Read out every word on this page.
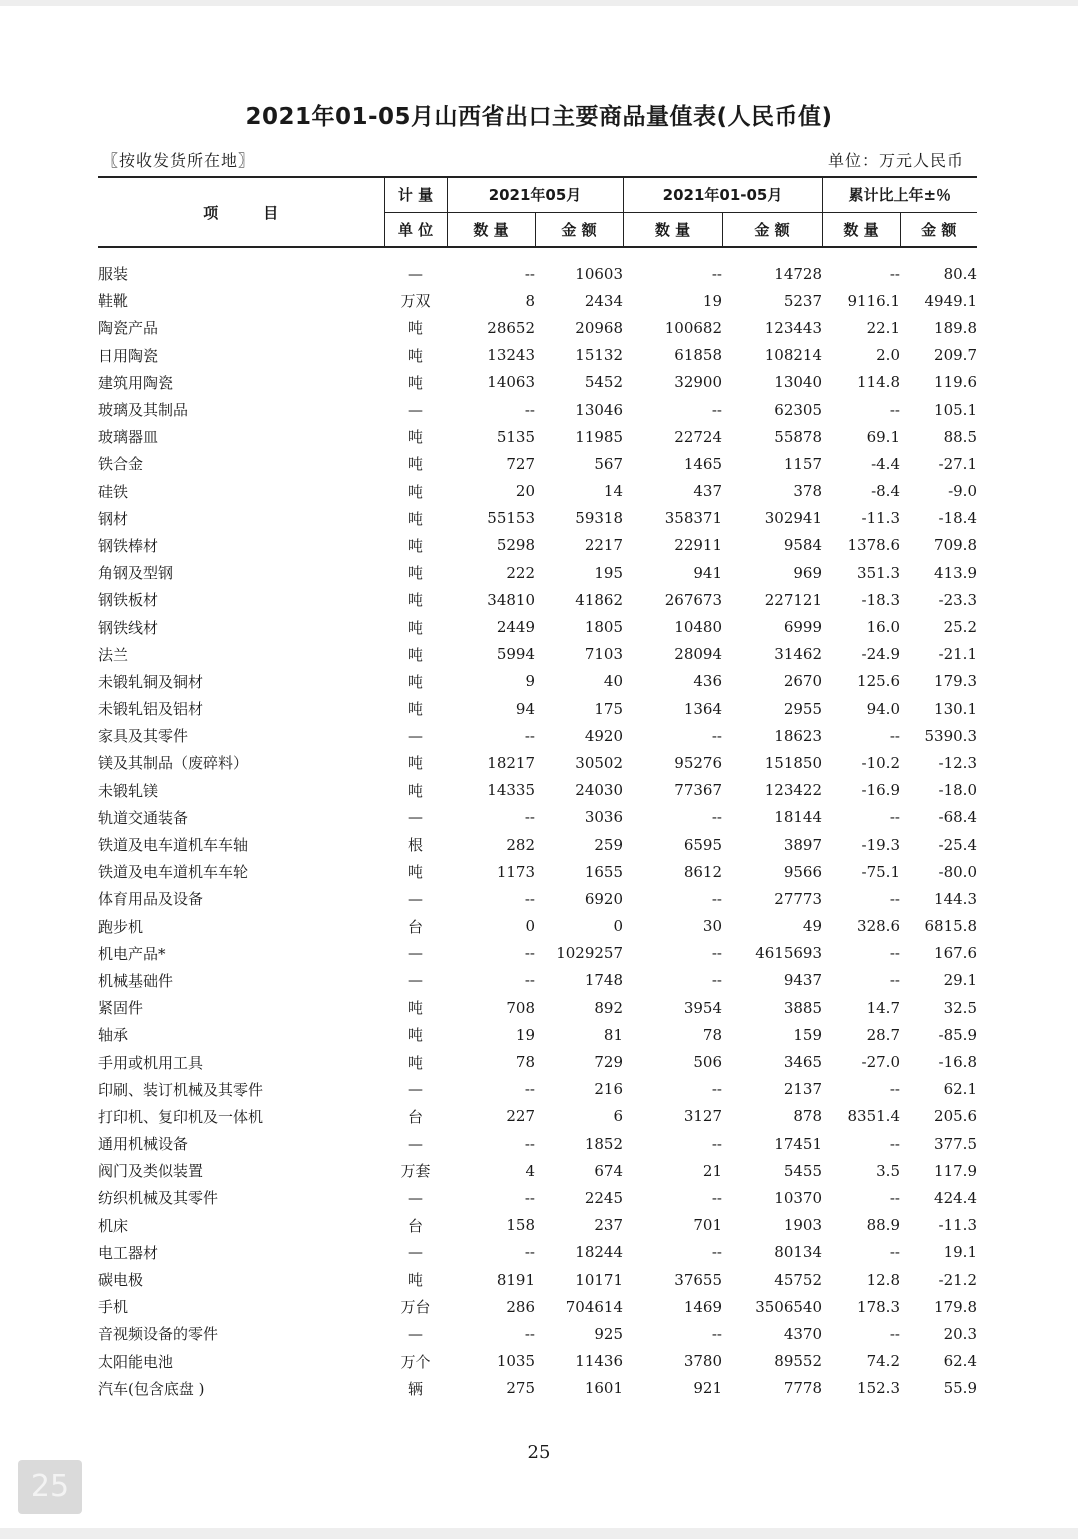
2021年01-05月山西省出口主要商品量值表(人民币值)
〖按收发货所在地〗	单位：万元人民币
项　　　目	计 量	2021年05月		2021年01-05月		累计比上年±％	
	单 位	数 量	金 额	数 量	金 额	数 量	金 额
服装	—	--	10603	--	14728	--	80.4
鞋靴	万双	8	2434	19	5237	9116.1	4949.1
陶瓷产品	吨	28652	20968	100682	123443	22.1	189.8
日用陶瓷	吨	13243	15132	61858	108214	2.0	209.7
建筑用陶瓷	吨	14063	5452	32900	13040	114.8	119.6
玻璃及其制品	—	--	13046	--	62305	--	105.1
玻璃器皿	吨	5135	11985	22724	55878	69.1	88.5
铁合金	吨	727	567	1465	1157	-4.4	-27.1
硅铁	吨	20	14	437	378	-8.4	-9.0
钢材	吨	55153	59318	358371	302941	-11.3	-18.4
钢铁棒材	吨	5298	2217	22911	9584	1378.6	709.8
角钢及型钢	吨	222	195	941	969	351.3	413.9
钢铁板材	吨	34810	41862	267673	227121	-18.3	-23.3
钢铁线材	吨	2449	1805	10480	6999	16.0	25.2
法兰	吨	5994	7103	28094	31462	-24.9	-21.1
未锻轧铜及铜材	吨	9	40	436	2670	125.6	179.3
未锻轧铝及铝材	吨	94	175	1364	2955	94.0	130.1
家具及其零件	—	--	4920	--	18623	--	5390.3
镁及其制品（废碎料）	吨	18217	30502	95276	151850	-10.2	-12.3
未锻轧镁	吨	14335	24030	77367	123422	-16.9	-18.0
轨道交通装备	—	--	3036	--	18144	--	-68.4
铁道及电车道机车车轴	根	282	259	6595	3897	-19.3	-25.4
铁道及电车道机车车轮	吨	1173	1655	8612	9566	-75.1	-80.0
体育用品及设备	—	--	6920	--	27773	--	144.3
跑步机	台	0	0	30	49	328.6	6815.8
机电产品*	—	--	1029257	--	4615693	--	167.6
机械基础件	—	--	1748	--	9437	--	29.1
紧固件	吨	708	892	3954	3885	14.7	32.5
轴承	吨	19	81	78	159	28.7	-85.9
手用或机用工具	吨	78	729	506	3465	-27.0	-16.8
印刷、装订机械及其零件	—	--	216	--	2137	--	62.1
打印机、复印机及一体机	台	227	6	3127	878	8351.4	205.6
通用机械设备	—	--	1852	--	17451	--	377.5
阀门及类似装置	万套	4	674	21	5455	3.5	117.9
纺织机械及其零件	—	--	2245	--	10370	--	424.4
机床	台	158	237	701	1903	88.9	-11.3
电工器材	—	--	18244	--	80134	--	19.1
碳电极	吨	8191	10171	37655	45752	12.8	-21.2
手机	万台	286	704614	1469	3506540	178.3	179.8
音视频设备的零件	—	--	925	--	4370	--	20.3
太阳能电池	万个	1035	11436	3780	89552	74.2	62.4
汽车(包含底盘 )	辆	275	1601	921	7778	152.3	55.9
25
25
